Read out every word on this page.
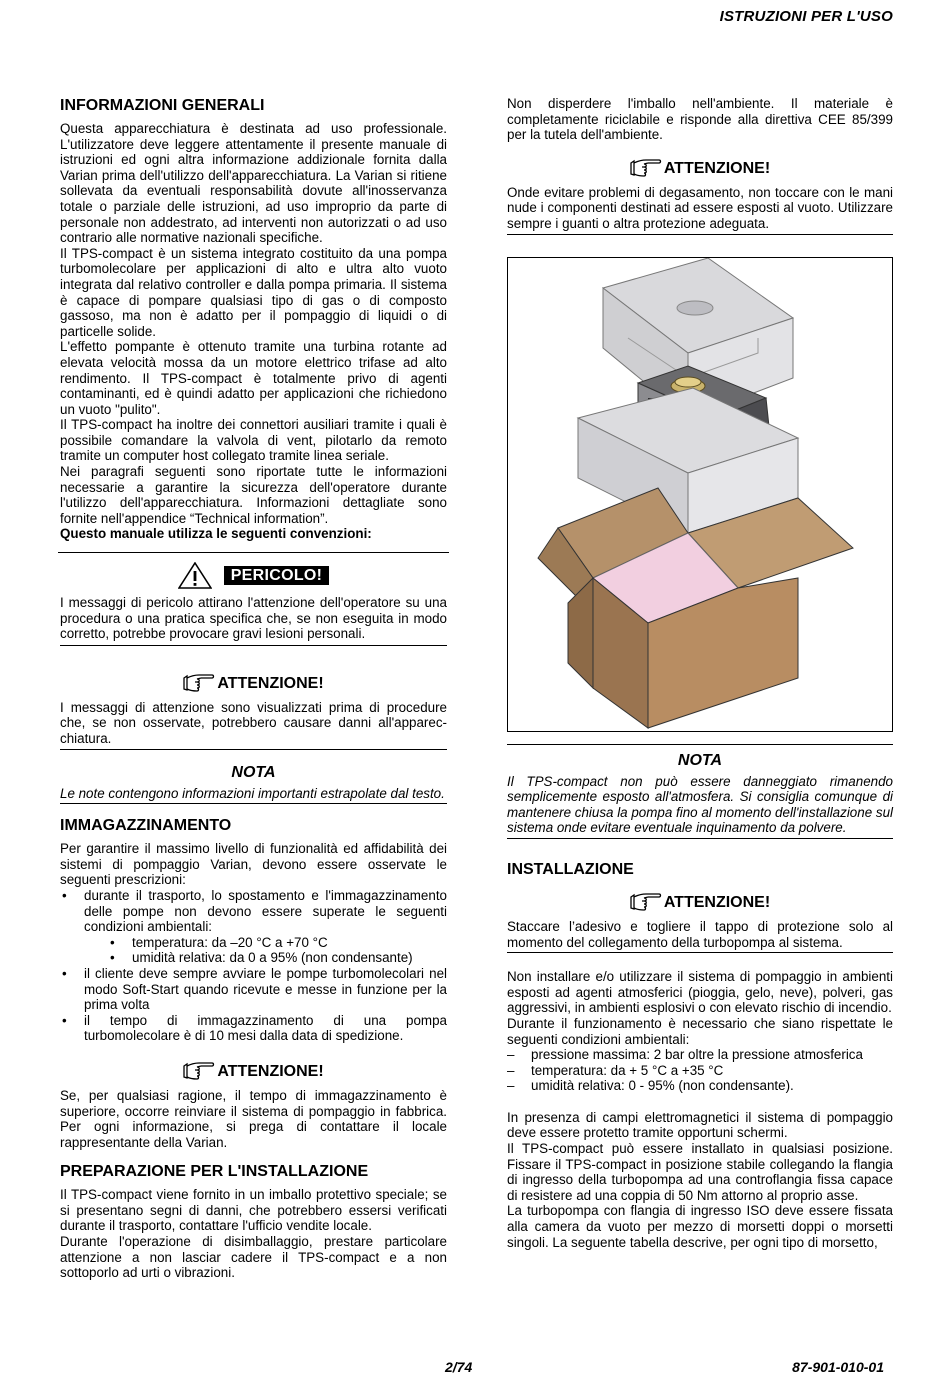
ISTRUZIONI PER L'USO
INFORMAZIONI GENERALI

Questa apparecchiatura è destinata ad uso professionale. L'utilizzatore deve leggere attentamente il presente manuale di istruzioni ed ogni altra informazione addizionale fornita dalla Varian prima dell'utilizzo dell'apparecchiatura. La Varian si ritiene sollevata da eventuali responsabilità dovute all'inosservanza totale o parziale delle istruzioni, ad uso improprio da parte di personale non addestrato, ad interventi non autorizzati o ad uso contrario alle normative nazionali specifiche.

Il TPS-compact è un sistema integrato costituito da una pompa turbomolecolare per applicazioni di alto e ultra alto vuoto integrata dal relativo controller e dalla pompa primaria. Il sistema è capace di pompare qualsiasi tipo di gas o di composto gassoso, ma non è adatto per il pompaggio di liquidi o di particelle solide.

L'effetto pompante è ottenuto tramite una turbina rotante ad elevata velocità mossa da un motore elettrico trifase ad alto rendimento. Il TPS-compact è totalmente privo di agenti contaminanti, ed è quindi adatto per applicazioni che richiedono un vuoto "pulito".

Il TPS-compact ha inoltre dei connettori ausiliari tramite i quali è possibile comandare la valvola di vent, pilotarlo da remoto tramite un computer host collegato tramite linea seriale.

Nei paragrafi seguenti sono riportate tutte le informazioni necessarie a garantire la sicurezza dell'operatore durante l'utilizzo dell'apparecchiatura. Informazioni dettagliate sono fornite nell'appendice “Technical information”.

Questo manuale utilizza le seguenti convenzioni:

PERICOLO!

I messaggi di pericolo attirano l'attenzione dell'operatore su una procedura o una pratica specifica che, se non eseguita in modo corretto, potrebbe provocare gravi lesioni personali.

ATTENZIONE!

I messaggi di attenzione sono visualizzati prima di procedure che, se non osservate, potrebbero causare danni all'apparec-chiatura.

NOTA

Le note contengono informazioni importanti estrapolate dal testo.

IMMAGAZZINAMENTO

Per garantire il massimo livello di funzionalità ed affidabilità dei sistemi di pompaggio Varian, devono essere osservate le seguenti prescrizioni:

• durante il trasporto, lo spostamento e l'immagazzinamento delle pompe non devono essere superate le seguenti condizioni ambientali:
• temperatura: da –20 °C a +70 °C
• umidità relativa: da 0 a 95% (non condensante)
• il cliente deve sempre avviare le pompe turbomolecolari nel modo Soft-Start quando ricevute e messe in funzione per la prima volta
• il tempo di immagazzinamento di una pompa turbomolecolare è di 10 mesi dalla data di spedizione.
ATTENZIONE!

Se, per qualsiasi ragione, il tempo di immagazzinamento è superiore, occorre reinviare il sistema di pompaggio in fabbrica. Per ogni informazione, si prega di contattare il locale rappresentante della Varian.

PREPARAZIONE PER L'INSTALLAZIONE

Il TPS-compact viene fornito in un imballo protettivo speciale; se si presentano segni di danni, che potrebbero essersi verificati durante il trasporto, contattare l'ufficio vendite locale.

Durante l'operazione di disimballaggio, prestare particolare attenzione a non lasciar cadere il TPS-compact e a non sottoporlo ad urti o vibrazioni.

Non disperdere l'imballo nell'ambiente. Il materiale è completamente riciclabile e risponde alla direttiva CEE 85/399 per la tutela dell'ambiente.

ATTENZIONE!

Onde evitare problemi di degasamento, non toccare con le mani nude i componenti destinati ad essere esposti al vuoto. Utilizzare sempre i guanti o altra protezione adeguata.

NOTA

Il TPS-compact non può essere danneggiato rimanendo semplicemente esposto all'atmosfera. Si consiglia comunque di mantenere chiusa la pompa fino al momento dell'installazione sul sistema onde evitare eventuale inquinamento da polvere.

INSTALLAZIONE
ATTENZIONE!

Staccare l’adesivo e togliere il tappo di protezione solo al momento del collegamento della turbopompa al sistema.

Non installare e/o utilizzare il sistema di pompaggio in ambienti esposti ad agenti atmosferici (pioggia, gelo, neve), polveri, gas aggressivi, in ambienti esplosivi o con elevato rischio di incendio.

Durante il funzionamento è necessario che siano rispettate le seguenti condizioni ambientali:

– pressione massima: 2 bar oltre la pressione atmosferica
– temperatura: da + 5 °C a +35 °C
– umidità relativa: 0 - 95% (non condensante).

In presenza di campi elettromagnetici il sistema di pompaggio deve essere protetto tramite opportuni schermi.

Il TPS-compact può essere installato in qualsiasi posizione. Fissare il TPS-compact in posizione stabile collegando la flangia di ingresso della turbopompa ad una controflangia fissa capace di resistere ad una coppia di 50 Nm attorno al proprio asse.

La turbopompa con flangia di ingresso ISO deve essere fissata alla camera da vuoto per mezzo di morsetti doppi o morsetti singoli. La seguente tabella descrive, per ogni tipo di morsetto,

2/74	87-901-010-01
